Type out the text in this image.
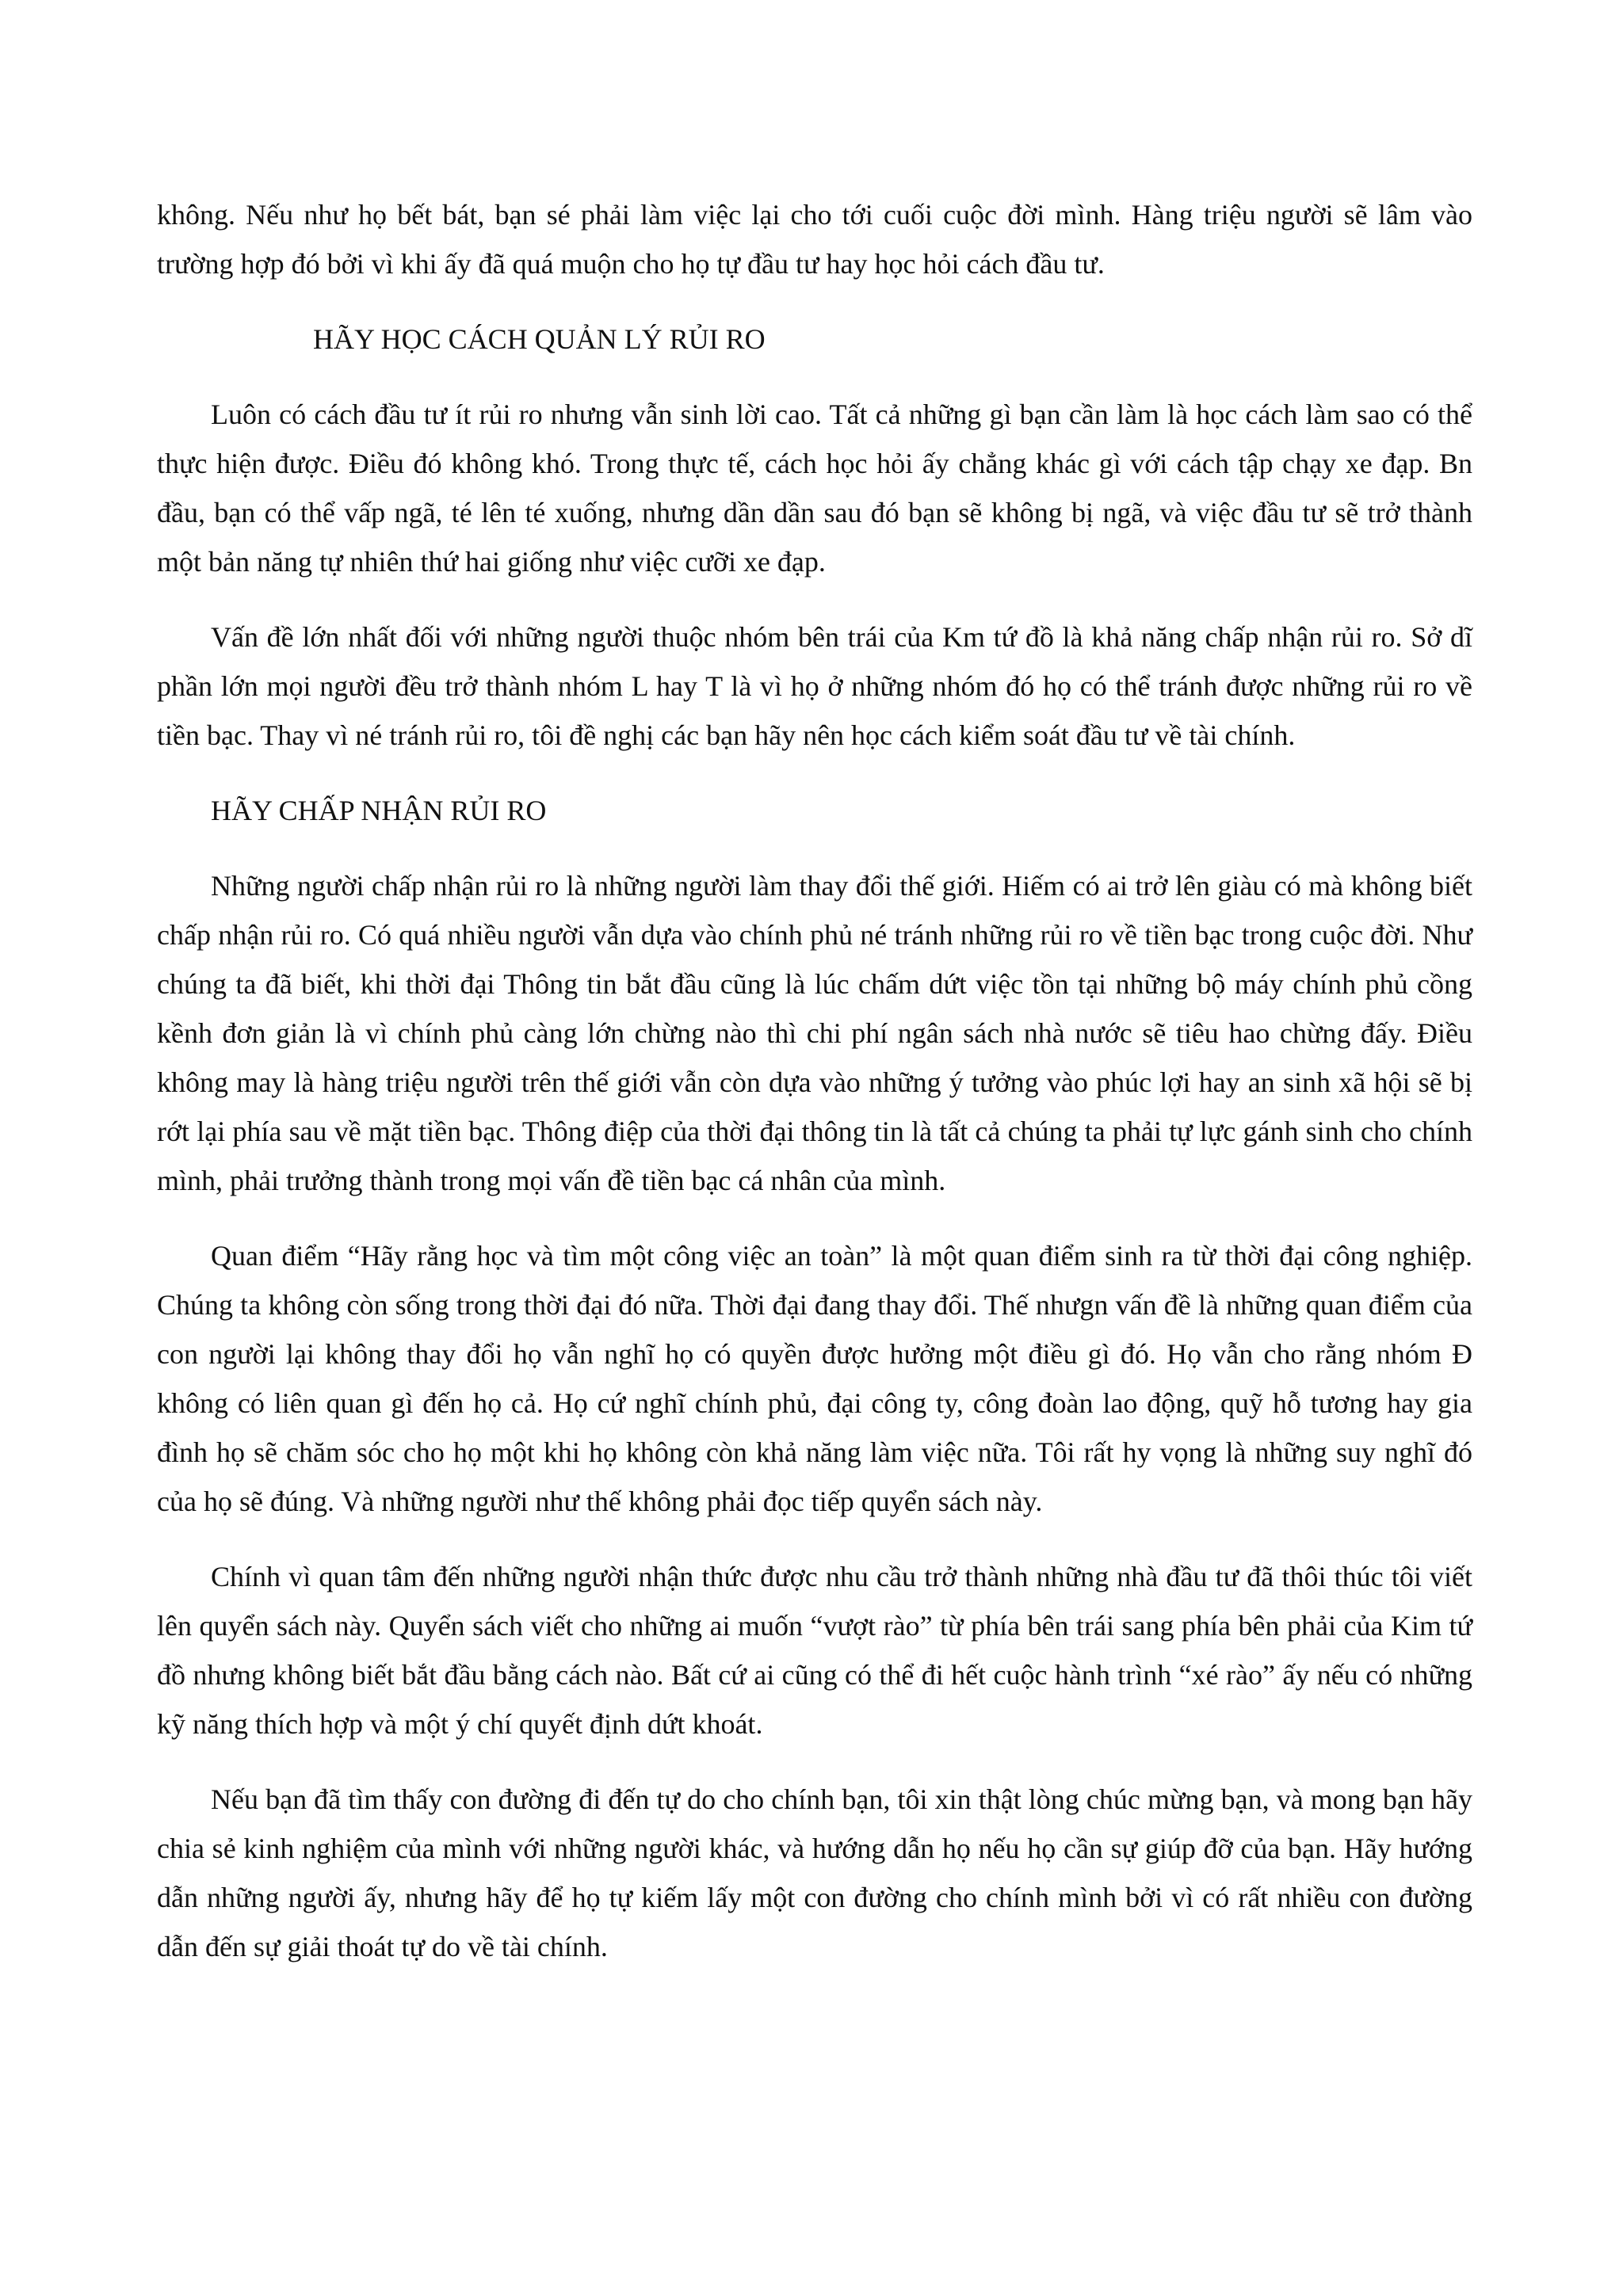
không. Nếu như họ bết bát, bạn sé phải làm việc lại cho tới cuối cuộc đời mình. Hàng triệu người sẽ lâm vào trường hợp đó bởi vì khi ấy đã quá muộn cho họ tự đầu tư hay học hỏi cách đầu tư.

HÃY HỌC CÁCH QUẢN LÝ RỦI RO

Luôn có cách đầu tư ít rủi ro nhưng vẫn sinh lời cao. Tất cả những gì bạn cần làm là học cách làm sao có thể thực hiện được. Điều đó không khó. Trong thực tế, cách học hỏi ấy chẳng khác gì với cách tập chạy xe đạp. Bn đầu, bạn có thể vấp ngã, té lên té xuống, nhưng dần dần sau đó bạn sẽ không bị ngã, và việc đầu tư sẽ trở thành một bản năng tự nhiên thứ hai giống như việc cưỡi xe đạp.

Vấn đề lớn nhất đối với những người thuộc nhóm bên trái của Km tứ đồ là khả năng chấp nhận rủi ro. Sở dĩ phần lớn mọi người đều trở thành nhóm L hay T là vì họ ở những nhóm đó họ có thể tránh được những rủi ro về tiền bạc. Thay vì né tránh rủi ro, tôi đề nghị các bạn hãy nên học cách kiểm soát đầu tư về tài chính.

HÃY CHẤP NHẬN RỦI RO

Những người chấp nhận rủi ro là những người làm thay đổi thế giới. Hiếm có ai trở lên giàu có mà không biết chấp nhận rủi ro. Có quá nhiều người vẫn dựa vào chính phủ né tránh những rủi ro về tiền bạc trong cuộc đời. Như chúng ta đã biết, khi thời đại Thông tin bắt đầu cũng là lúc chấm dứt việc tồn tại những bộ máy chính phủ cồng kềnh đơn giản là vì chính phủ càng lớn chừng nào thì chi phí ngân sách nhà nước sẽ tiêu hao chừng đấy. Điều không may là hàng triệu người trên thế giới vẫn còn dựa vào những ý tưởng vào phúc lợi hay an sinh xã hội sẽ bị rớt lại phía sau về mặt tiền bạc. Thông điệp của thời đại thông tin là tất cả chúng ta phải tự lực gánh sinh cho chính mình, phải trưởng thành trong mọi vấn đề tiền bạc cá nhân của mình.

Quan điểm “Hãy rằng học và tìm một công việc an toàn” là một quan điểm sinh ra từ thời đại công nghiệp. Chúng ta không còn sống trong thời đại đó nữa. Thời đại đang thay đổi. Thế nhưgn vấn đề là những quan điểm của con người lại không thay đổi họ vẫn nghĩ họ có quyền được hưởng một điều gì đó. Họ vẫn cho rằng nhóm Đ không có liên quan gì đến họ cả. Họ cứ nghĩ chính phủ, đại công ty, công đoàn lao động, quỹ hỗ tương hay gia đình họ sẽ chăm sóc cho họ một khi họ không còn khả năng làm việc nữa. Tôi rất hy vọng là những suy nghĩ đó của họ sẽ đúng. Và những người như thế không phải đọc tiếp quyển sách này.

Chính vì quan tâm đến những người nhận thức được nhu cầu trở thành những nhà đầu tư đã thôi thúc tôi viết lên quyển sách này. Quyển sách viết cho những ai muốn “vượt rào” từ phía bên trái sang phía bên phải của Kim tứ đồ nhưng không biết bắt đầu bằng cách nào. Bất cứ ai cũng có thể đi hết cuộc hành trình “xé rào” ấy nếu có những kỹ năng thích hợp và một ý chí quyết định dứt khoát.

Nếu bạn đã tìm thấy con đường đi đến tự do cho chính bạn, tôi xin thật lòng chúc mừng bạn, và mong bạn hãy chia sẻ kinh nghiệm của mình với những người khác, và hướng dẫn họ nếu họ cần sự giúp đỡ của bạn. Hãy hướng dẫn những người ấy, nhưng hãy để họ tự kiếm lấy một con đường cho chính mình bởi vì có rất nhiều con đường dẫn đến sự giải thoát tự do về tài chính.
